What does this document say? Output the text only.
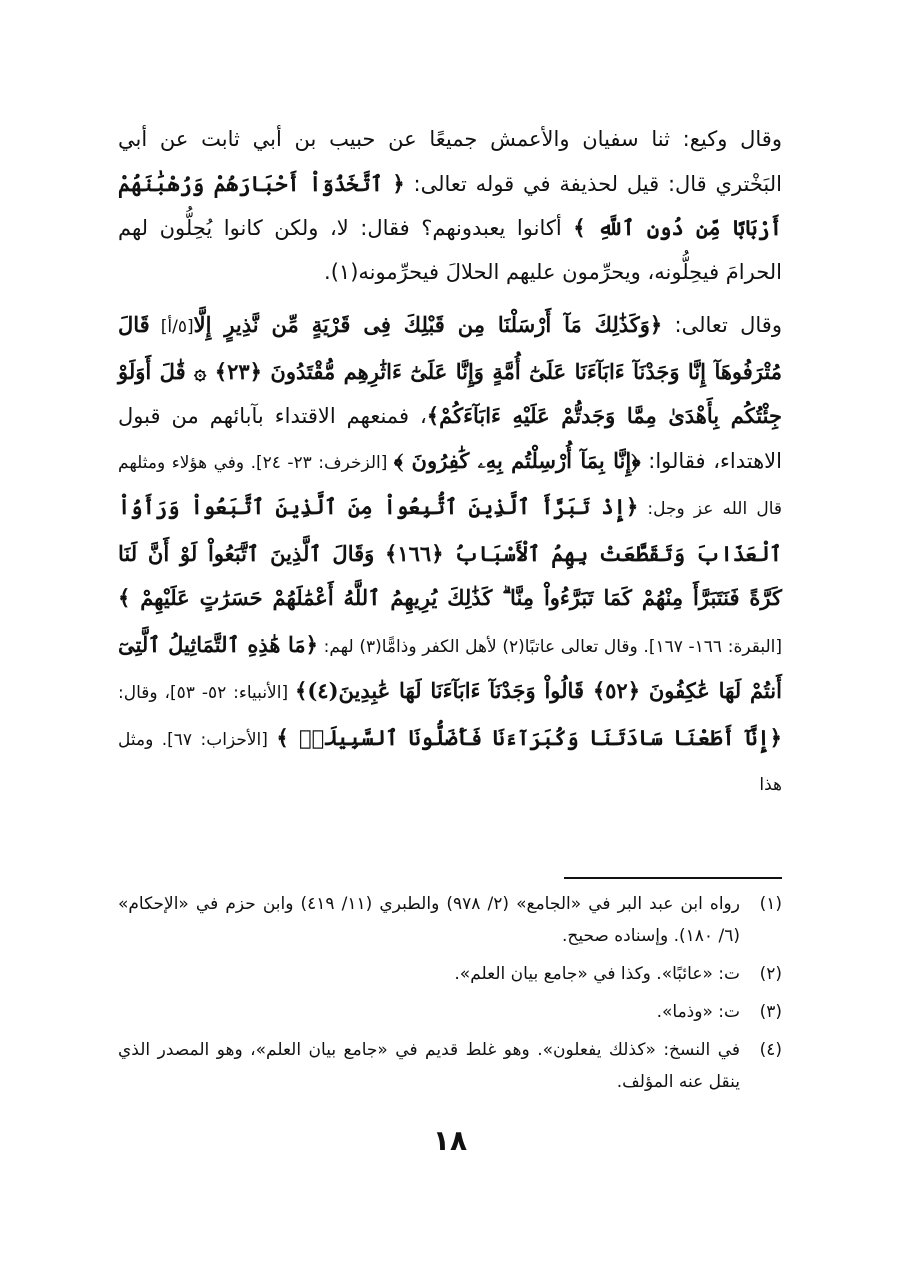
وقال وكيع: ثنا سفيان والأعمش جميعًا عن حبيب بن أبي ثابت عن أبي البَخْتري قال: قيل لحذيفة في قوله تعالى: ﴿ ٱتَّخَذُوٓاْ أَحْبَارَهُمْ وَرُهْبَٰنَهُمْ أَرْبَابًا مِّن دُونِ ٱللَّهِ ﴾ أكانوا يعبدونهم؟ فقال: لا، ولكن كانوا يُحِلُّون لهم الحرامَ فيحِلُّونه، ويحرِّمون عليهم الحلالَ فيحرِّمونه(١).

وقال تعالى: ﴿وَكَذَٰلِكَ مَآ أَرْسَلْنَا مِن قَبْلِكَ فِى قَرْيَةٍ مِّن نَّذِيرٍ إِلَّا[٥/أ] قَالَ مُتْرَفُوهَآ إِنَّا وَجَدْنَآ ءَابَآءَنَا عَلَىٰٓ أُمَّةٍ وَإِنَّا عَلَىٰٓ ءَاثَٰرِهِم مُّقْتَدُونَ ﴿٢٣﴾ ۞ قَٰلَ أَوَلَوْ جِئْتُكُم بِأَهْدَىٰ مِمَّا وَجَدتُّمْ عَلَيْهِ ءَابَآءَكُمْ﴾، فمنعهم الاقتداء بآبائهم من قبول الاهتداء، فقالوا: ﴿إِنَّا بِمَآ أُرْسِلْتُم بِهِۦ كَٰفِرُونَ ﴾ [الزخرف: ٢٣- ٢٤]. وفي هؤلاء ومثلهم قال الله عز وجل: ﴿إِذْ تَبَرَّأَ ٱلَّذِينَ ٱتُّبِعُواْ مِنَ ٱلَّذِينَ ٱتَّبَعُواْ وَرَأَوُاْ ٱلْعَذَابَ وَتَقَطَّعَتْ بِهِمُ ٱلْأَسْبَابُ ﴿١٦٦﴾ وَقَالَ ٱلَّذِينَ ٱتَّبَعُواْ لَوْ أَنَّ لَنَا كَرَّةً فَنَتَبَرَّأَ مِنْهُمْ كَمَا تَبَرَّءُواْ مِنَّا ۗ كَذَٰلِكَ يُرِيهِمُ ٱللَّهُ أَعْمَٰلَهُمْ حَسَرَٰتٍ عَلَيْهِمْ ﴾ [البقرة: ١٦٦- ١٦٧]. وقال تعالى عاتبًا(٢) لأهل الكفر وذامًّا(٣) لهم: ﴿مَا هَٰذِهِ ٱلتَّمَاثِيلُ ٱلَّتِىٓ أَنتُمْ لَهَا عَٰكِفُونَ ﴿٥٢﴾ قَالُواْ وَجَدْنَآ ءَابَآءَنَا لَهَا عَٰبِدِينَ(٤)﴾ [الأنبياء: ٥٢- ٥٣]، وقال: ﴿إِنَّآ أَطَعْنَا سَادَتَنَا وَكُبَرَآءَنَا فَأَضَلُّونَا ٱلسَّبِيلَا۠ ﴾ [الأحزاب: ٦٧]. ومثل هذا

(١)
رواه ابن عبد البر في «الجامع» (٢/ ٩٧٨) والطبري (١١/ ٤١٩) وابن حزم في «الإحكام» (٦/ ١٨٠). وإسناده صحيح.
(٢)
ت: «عائبًا». وكذا في «جامع بيان العلم».
(٣)
ت: «وذما».
(٤)
في النسخ: «كذلك يفعلون». وهو غلط قديم في «جامع بيان العلم»، وهو المصدر الذي ينقل عنه المؤلف.
١٨
